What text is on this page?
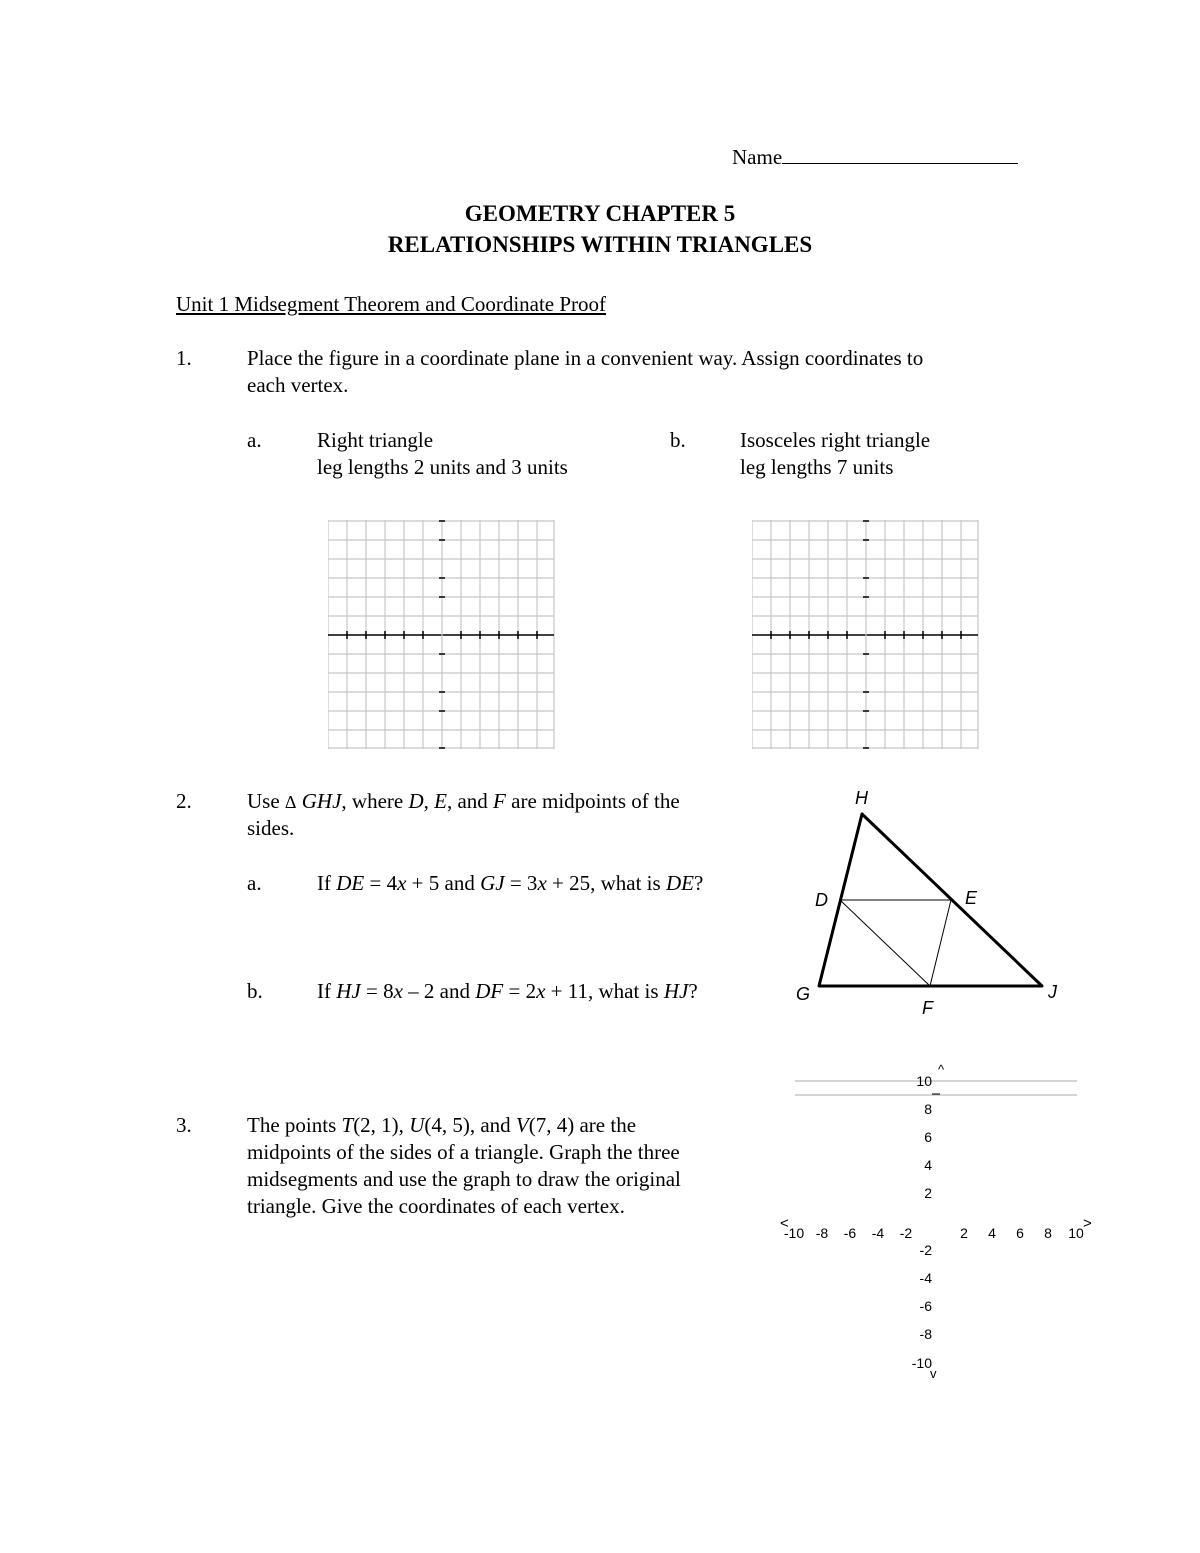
Name
GEOMETRY CHAPTER 5
RELATIONSHIPS WITHIN TRIANGLES
Unit 1 Midsegment Theorem and Coordinate Proof
1.	Place the figure in a coordinate plane in a convenient way. Assign coordinates to
each vertex.
a.	Right triangle
leg lengths 2 units and 3 units
b.	Isosceles right triangle
leg lengths 7 units
2.	Use Δ GHJ, where D, E, and F are midpoints of the
sides.
a.	If DE = 4x + 5 and GJ = 3x + 25, what is DE?
b.	If HJ = 8x – 2 and DF = 2x + 11, what is HJ?
H
D	E
G
F
J
3.	The points T(2, 1), U(4, 5), and V(7, 4) are the
midpoints of the sides of a triangle. Graph the three
midsegments and use the graph to draw the original
triangle. Give the coordinates of each vertex.
^
v
<	>
10
8
6
4
2
-2
-4
-6
-8
-10
-10 -8 -6 -4 -2	2 4 6 8 10
